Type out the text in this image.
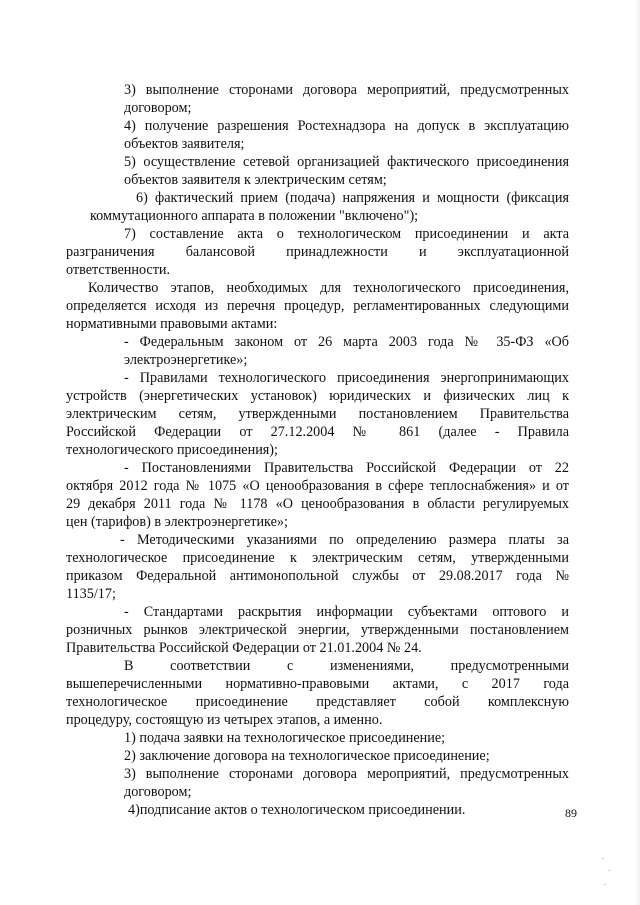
3) выполнение сторонами договора мероприятий, предусмотренных
договором;
4) получение разрешения Ростехнадзора на допуск в эксплуатацию
объектов заявителя;
5) осуществление сетевой организацией фактического присоединения
объектов заявителя к электрическим сетям;
6) фактический прием (подача) напряжения и мощности (фиксация
коммутационного аппарата в положении "включено");
7) составление акта о технологическом присоединении и акта
разграничения балансовой принадлежности и эксплуатационной
ответственности.
Количество этапов, необходимых для технологического присоединения,
определяется исходя из перечня процедур, регламентированных следующими
нормативными правовыми актами:
- Федеральным законом от 26 марта 2003 года № 35-ФЗ «Об
электроэнергетике»;
- Правилами технологического присоединения энергопринимающих
устройств (энергетических установок) юридических и физических лиц к
электрическим сетям, утвержденными постановлением Правительства
Российской Федерации от 27.12.2004 № 861 (далее - Правила
технологического присоединения);
- Постановлениями Правительства Российской Федерации от 22
октября 2012 года № 1075 «О ценообразования в сфере теплоснабжения» и от
29 декабря 2011 года № 1178 «О ценообразования в области регулируемых
цен (тарифов) в электроэнергетике»;
- Методическими указаниями по определению размера платы за
технологическое присоединение к электрическим сетям, утвержденными
приказом Федеральной антимонопольной службы от 29.08.2017 года №
1135/17;
- Стандартами раскрытия информации субъектами оптового и
розничных рынков электрической энергии, утвержденными постановлением
Правительства Российской Федерации от 21.01.2004 № 24.
В соответствии с изменениями, предусмотренными
вышеперечисленными нормативно-правовыми актами, с 2017 года
технологическое присоединение представляет собой комплексную
процедуру, состоящую из четырех этапов, а именно.
1) подача заявки на технологическое присоединение;
2) заключение договора на технологическое присоединение;
3) выполнение сторонами договора мероприятий, предусмотренных
договором;
4)подписание актов о технологическом присоединении.	89
